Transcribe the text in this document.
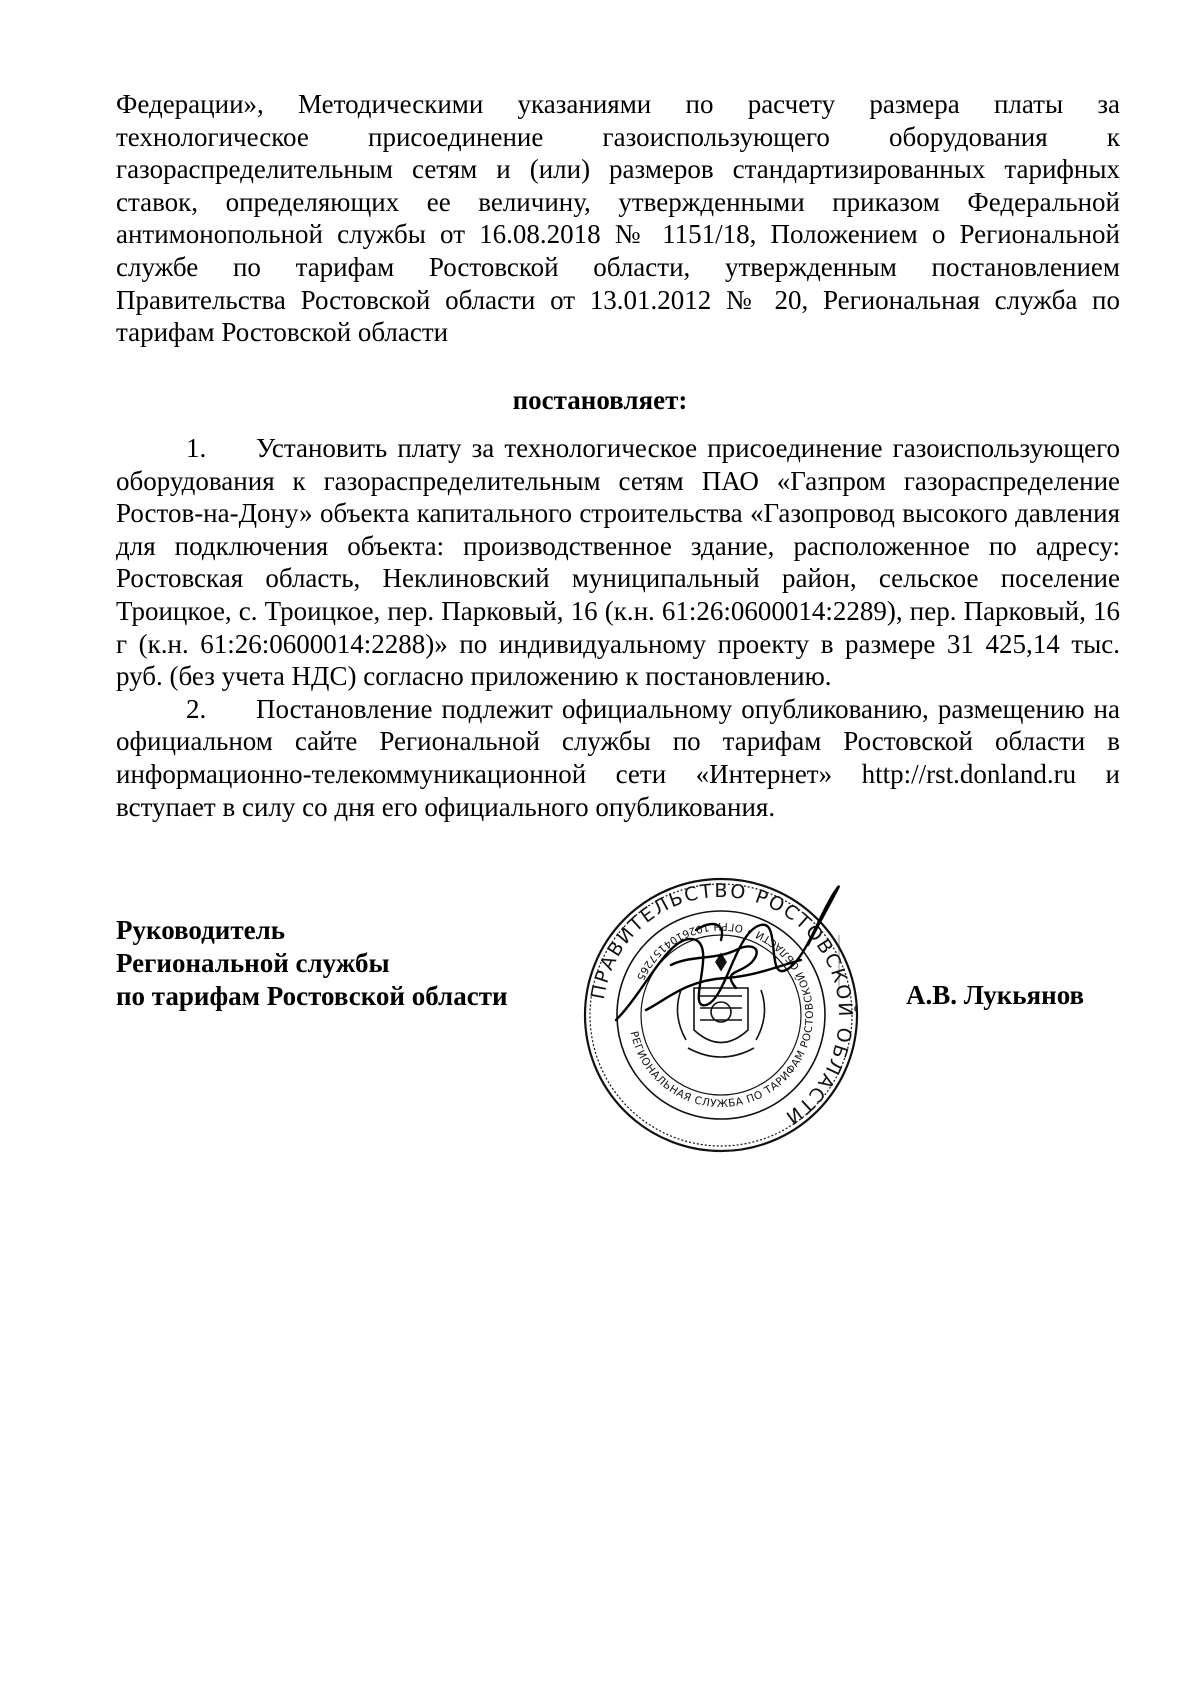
Федерации», Методическими указаниями по расчету размера платы за технологическое присоединение газоиспользующего оборудования к газораспределительным сетям и (или) размеров стандартизированных тарифных ставок, определяющих ее величину, утвержденными приказом Федеральной антимонопольной службы от 16.08.2018 № 1151/18, Положением о Региональной службе по тарифам Ростовской области, утвержденным постановлением Правительства Ростовской области от 13.01.2012 № 20, Региональная служба по тарифам Ростовской области

постановляет:

1. Установить плату за технологическое присоединение газоиспользующего оборудования к газораспределительным сетям ПАО «Газпром газораспределение Ростов-на-Дону» объекта капитального строительства «Газопровод высокого давления для подключения объекта: производственное здание, расположенное по адресу: Ростовская область, Неклиновский муниципальный район, сельское поселение Троицкое, с. Троицкое, пер. Парковый, 16 (к.н. 61:26:0600014:2289), пер. Парковый, 16 г (к.н. 61:26:0600014:2288)» по индивидуальному проекту в размере 31 425,14 тыс. руб. (без учета НДС) согласно приложению к постановлению.

2. Постановление подлежит официальному опубликованию, размещению на официальном сайте Региональной службы по тарифам Ростовской области в информационно-телекоммуникационной сети «Интернет» http://rst.donland.ru и вступает в силу со дня его официального опубликования.

Руководитель
Региональной службы
по тарифам Ростовской области	А.В. Лукьянов
ПРАВИТЕЛЬСТВО РОСТОВСКОЙ ОБЛАСТИ
РЕГИОНАЛЬНАЯ СЛУЖБА ПО ТАРИФАМ РОСТОВСКОЙ ОБЛАСТИ • ОГРН 1026104157265
